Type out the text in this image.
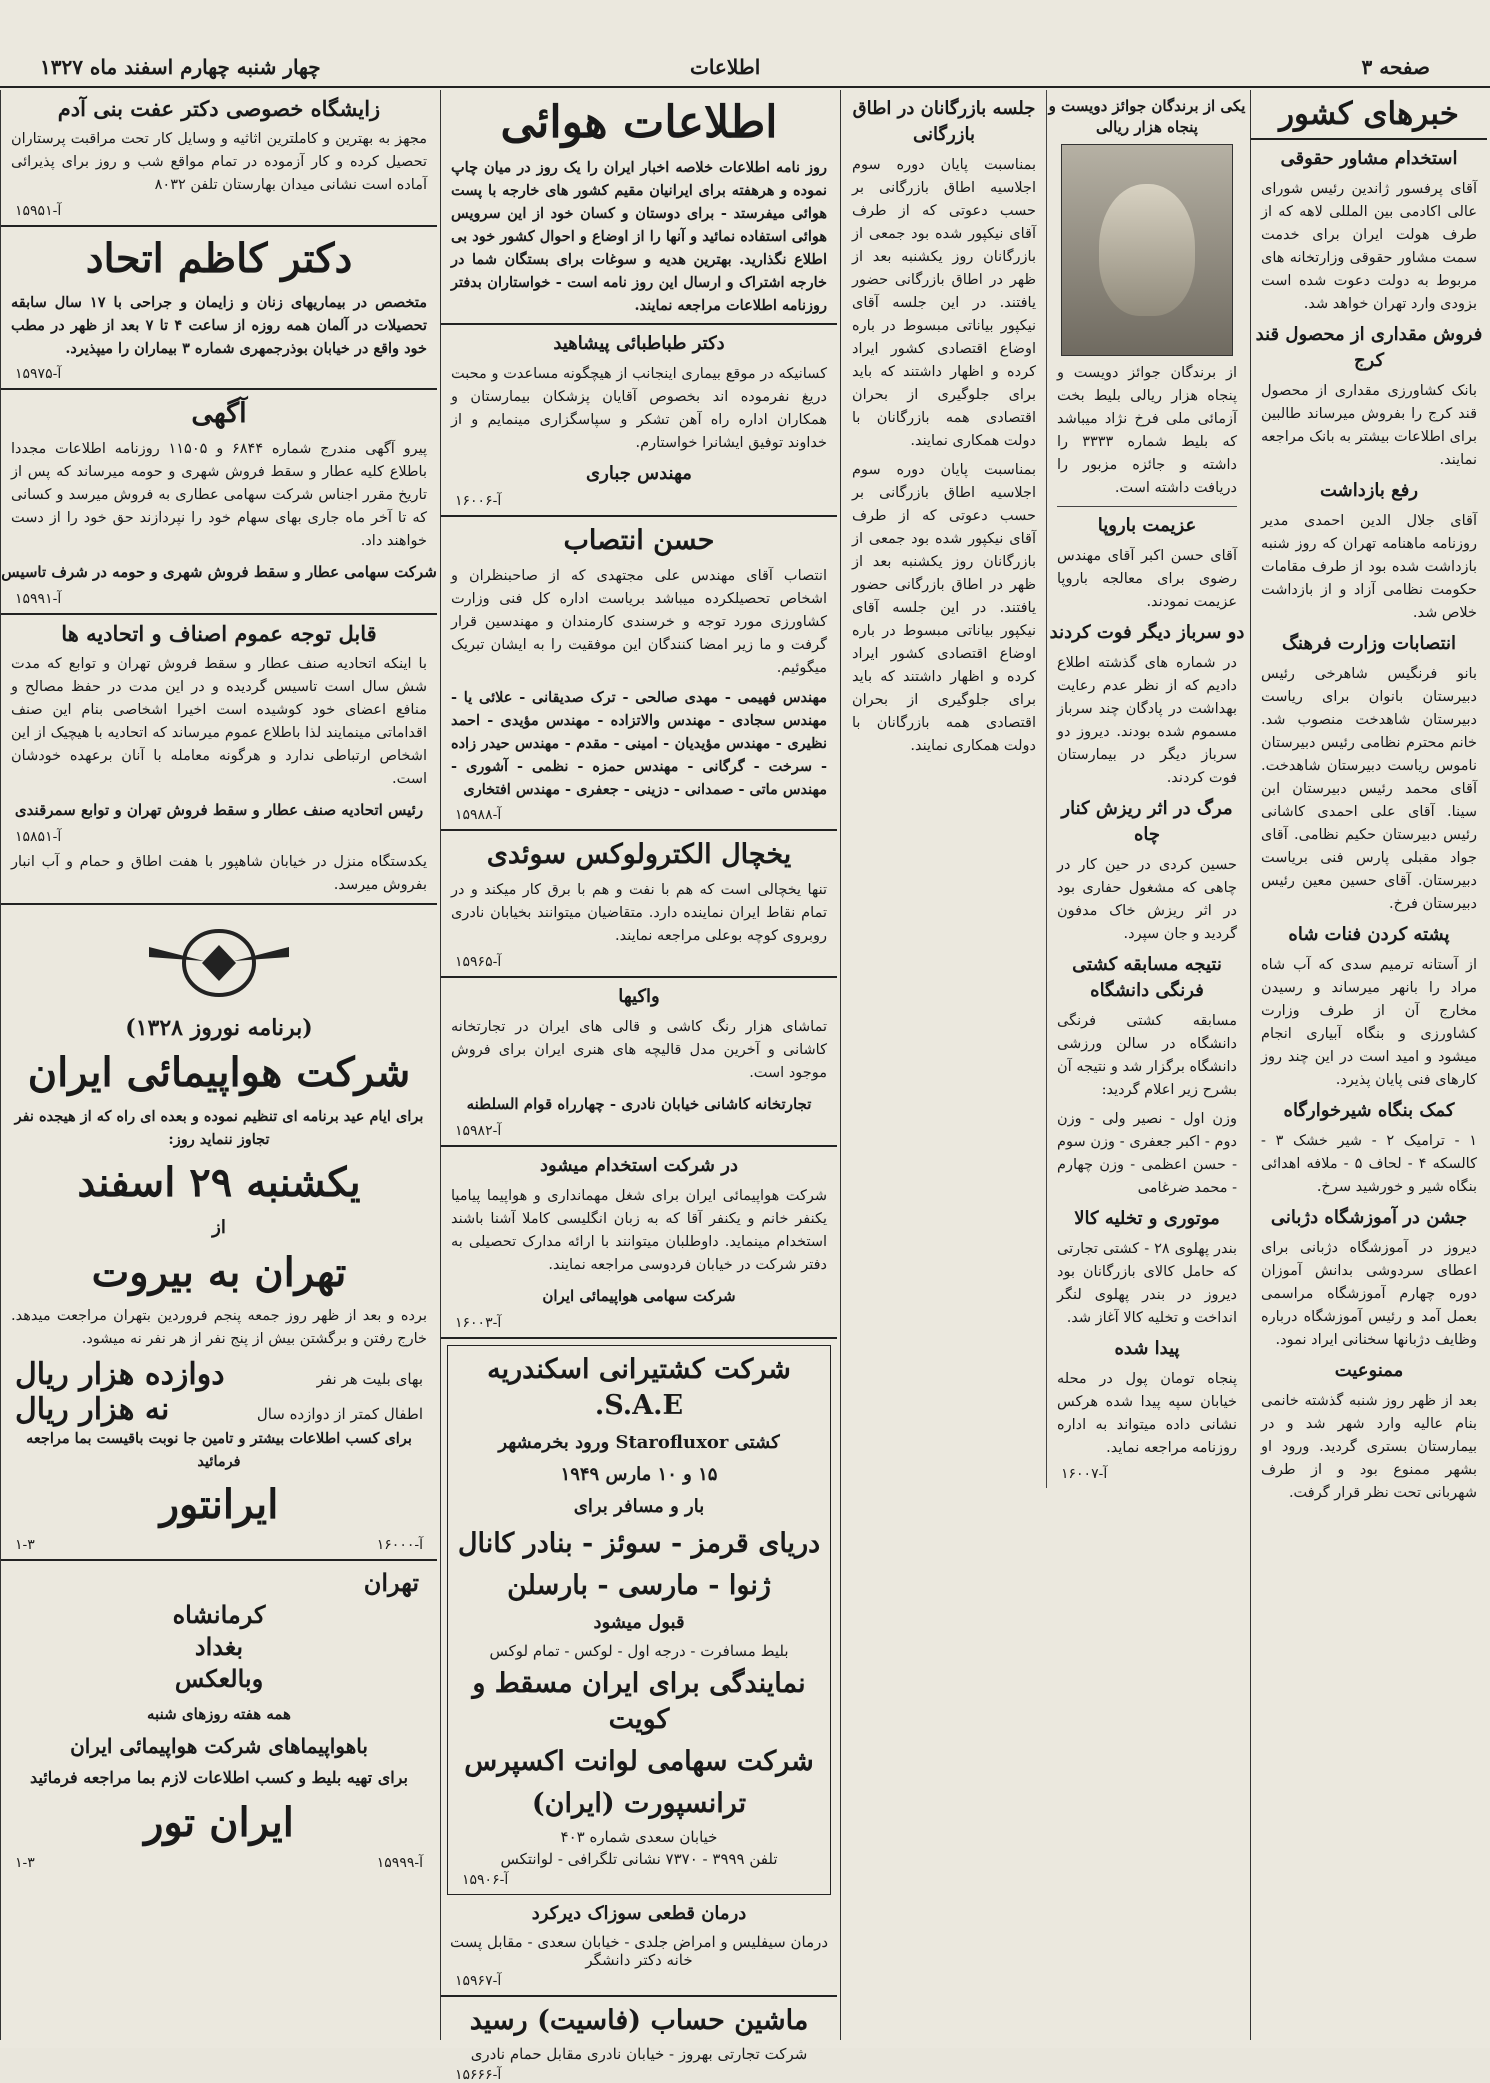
چهار شنبه چهارم اسفند ماه ۱۳۲۷	اطلاعات	صفحه ۳
خبرهای کشور
استخدام مشاور حقوقی

آقای پرفسور ژاندین رئیس شورای عالی اکادمی بین المللی لاهه که از طرف هولت ایران برای خدمت سمت مشاور حقوقی وزارتخانه های مربوط به دولت دعوت شده است بزودی وارد تهران خواهد شد.

فروش مقداری از محصول قند کرج

بانک کشاورزی مقداری از محصول قند کرج را بفروش میرساند طالبین برای اطلاعات بیشتر به بانک مراجعه نمایند.

رفع بازداشت

آقای جلال الدین احمدی مدیر روزنامه ماهنامه تهران که روز شنبه بازداشت شده بود از طرف مقامات حکومت نظامی آزاد و از بازداشت خلاص شد.

انتصابات وزارت فرهنگ

بانو فرنگیس شاهرخی رئیس دبیرستان بانوان برای ریاست دبیرستان شاهدخت منصوب شد. خانم محترم نظامی رئیس دبیرستان ناموس ریاست دبیرستان شاهدخت. آقای محمد رئیس دبیرستان ابن سینا. آقای علی احمدی کاشانی رئیس دبیرستان حکیم نظامی. آقای جواد مقبلی پارس فنی بریاست دبیرستان. آقای حسین معین رئیس دبیرستان فرخ.

پشته کردن فنات شاه

از آستانه ترمیم سدی که آب شاه مراد را بانهر میرساند و رسیدن مخارج آن از طرف وزارت کشاورزی و بنگاه آبیاری انجام میشود و امید است در این چند روز کارهای فنی پایان پذیرد.

کمک بنگاه شیرخوارگاه

۱ - ترامیک ۲ - شیر خشک ۳ - کالسکه ۴ - لحاف ۵ - ملافه اهدائی بنگاه شیر و خورشید سرخ.

جشن در آموزشگاه دژبانی

دیروز در آموزشگاه دژبانی برای اعطای سردوشی بدانش آموزان دوره چهارم آموزشگاه مراسمی بعمل آمد و رئیس آموزشگاه درباره وظایف دژبانها سخنانی ایراد نمود.

ممنوعیت

بعد از ظهر روز شنبه گذشته خانمی بنام عالیه وارد شهر شد و در بیمارستان بستری گردید. ورود او بشهر ممنوع بود و از طرف شهربانی تحت نظر قرار گرفت.

یکی از برندگان جوائز دویست و پنجاه هزار ریالی

از برندگان جوائز دویست و پنجاه هزار ریالی بلیط بخت آزمائی ملی فرخ نژاد میباشد که بلیط شماره ۳۳۳۳ را داشته و جائزه مزبور را دریافت داشته است.

عزیمت باروپا

آقای حسن اکبر آقای مهندس رضوی برای معالجه باروپا عزیمت نمودند.

دو سرباز دیگر فوت کردند

در شماره های گذشته اطلاع دادیم که از نظر عدم رعایت بهداشت در پادگان چند سرباز مسموم شده بودند. دیروز دو سرباز دیگر در بیمارستان فوت کردند.

مرگ در اثر ریزش کنار چاه

حسین کردی در حین کار در چاهی که مشغول حفاری بود در اثر ریزش خاک مدفون گردید و جان سپرد.

نتیجه مسابقه کشتی فرنگی دانشگاه

مسابقه کشتی فرنگی دانشگاه در سالن ورزشی دانشگاه برگزار شد و نتیجه آن بشرح زیر اعلام گردید:

وزن اول - نصیر ولی - وزن دوم - اکبر جعفری - وزن سوم - حسن اعظمی - وزن چهارم - محمد ضرغامی

موتوری و تخلیه کالا

بندر پهلوی ۲۸ - کشتی تجارتی که حامل کالای بازرگانان بود دیروز در بندر پهلوی لنگر انداخت و تخلیه کالا آغاز شد.

پیدا شده

پنجاه تومان پول در محله خیابان سپه پیدا شده هرکس نشانی داده میتواند به اداره روزنامه مراجعه نماید.

آ-۱۶۰۰۷
جلسه بازرگانان در اطاق بازرگانی

بمناسبت پایان دوره سوم اجلاسیه اطاق بازرگانی بر حسب دعوتی که از طرف آقای نیکپور شده بود جمعی از بازرگانان روز یکشنبه بعد از ظهر در اطاق بازرگانی حضور یافتند. در این جلسه آقای نیکپور بیاناتی مبسوط در باره اوضاع اقتصادی کشور ایراد کرده و اظهار داشتند که باید برای جلوگیری از بحران اقتصادی همه بازرگانان با دولت همکاری نمایند.

بمناسبت پایان دوره سوم اجلاسیه اطاق بازرگانی بر حسب دعوتی که از طرف آقای نیکپور شده بود جمعی از بازرگانان روز یکشنبه بعد از ظهر در اطاق بازرگانی حضور یافتند. در این جلسه آقای نیکپور بیاناتی مبسوط در باره اوضاع اقتصادی کشور ایراد کرده و اظهار داشتند که باید برای جلوگیری از بحران اقتصادی همه بازرگانان با دولت همکاری نمایند.

اطلاعات هوائی

روز نامه اطلاعات خلاصه اخبار ایران را یک روز در میان چاپ نموده و هرهفته برای ایرانیان مقیم کشور های خارجه با پست هوائی میفرستد - برای دوستان و کسان خود از این سرویس هوائی استفاده نمائید و آنها را از اوضاع و احوال کشور خود بی اطلاع نگذارید. بهترین هدیه و سوغات برای بستگان شما در خارجه اشتراک و ارسال این روز نامه است - خواستاران بدفتر روزنامه اطلاعات مراجعه نمایند.

دکتر طباطبائی پیشاهید

کسانیکه در موقع بیماری اینجانب از هیچگونه مساعدت و محبت دریغ نفرموده اند بخصوص آقایان پزشکان بیمارستان و همکاران اداره راه آهن تشکر و سپاسگزاری مینمایم و از خداوند توفیق ایشانرا خواستارم.

مهندس جباری
آ-۱۶۰۰۶
حسن انتصاب

انتصاب آقای مهندس علی مجتهدی که از صاحبنظران و اشخاص تحصیلکرده میباشد بریاست اداره کل فنی وزارت کشاورزی مورد توجه و خرسندی کارمندان و مهندسین قرار گرفت و ما زیر امضا کنندگان این موفقیت را به ایشان تبریک میگوئیم.

مهندس فهیمی - مهدی صالحی - ترک صدیقانی - علائی یا - مهندس سجادی - مهندس والاتزاده - مهندس مؤیدی - احمد نظیری - مهندس مؤیدیان - امینی - مقدم - مهندس حیدر زاده - سرخت - گرگانی - مهندس حمزه - نظمی - آشوری - مهندس ماتی - صمدانی - دزینی - جعفری - مهندس افتخاری

آ-۱۵۹۸۸
یخچال الکترولوکس سوئدی

تنها یخچالی است که هم با نفت و هم با برق کار میکند و در تمام نقاط ایران نماینده دارد. متقاضیان میتوانند بخیابان نادری روبروی کوچه بوعلی مراجعه نمایند.

آ-۱۵۹۶۵
واکیها

تماشای هزار رنگ کاشی و قالی های ایران در تجارتخانه کاشانی و آخرین مدل قالیچه های هنری ایران برای فروش موجود است.

تجارتخانه کاشانی خیابان نادری - چهارراه قوام السلطنه
آ-۱۵۹۸۲
در شرکت استخدام میشود

شرکت هواپیمائی ایران برای شغل مهمانداری و هواپیما پیامیا یکنفر خانم و یکنفر آقا که به زبان انگلیسی کاملا آشنا باشند استخدام مینماید. داوطلبان میتوانند با ارائه مدارک تحصیلی به دفتر شرکت در خیابان فردوسی مراجعه نمایند.

شرکت سهامی هواپیمائی ایران
آ-۱۶۰۰۳
شرکت کشتیرانی اسکندریه S.A.E.
کشتی Starofluxor ورود بخرمشهر
۱۵ و ۱۰ مارس ۱۹۴۹
بار و مسافر برای
دریای قرمز - سوئز - بنادر کانال
ژنوا - مارسی - بارسلن
قبول میشود
بلیط مسافرت - درجه اول - لوکس - تمام لوکس
نمایندگی برای ایران مسقط و کویت
شرکت سهامی لوانت اکسپرس
ترانسپورت (ایران)
خیابان سعدی شماره ۴۰۳
تلفن ۳۹۹۹ - ۷۳۷۰ نشانی تلگرافی - لوانتکس
آ-۱۵۹۰۶
درمان قطعی سوزاک دیرکرد
درمان سیفلیس و امراض جلدی - خیابان سعدی - مقابل پست خانه دکتر دانشگر
آ-۱۵۹۶۷
ماشین حساب (فاسیت) رسید
شرکت تجارتی بهروز - خیابان نادری مقابل حمام نادری
آ-۱۵۶۶۶
زایشگاه خصوصی دکتر عفت بنی آدم

مجهز به بهترین و کاملترین اثاثیه و وسایل کار تحت مراقبت پرستاران تحصیل کرده و کار آزموده در تمام مواقع شب و روز برای پذیرائی آماده است نشانی میدان بهارستان تلفن ۸۰۳۲

آ-۱۵۹۵۱
دکتر کاظم اتحاد

متخصص در بیماریهای زنان و زایمان و جراحی با ۱۷ سال سابقه تحصیلات در آلمان همه روزه از ساعت ۴ تا ۷ بعد از ظهر در مطب خود واقع در خیابان بوذرجمهری شماره ۳ بیماران را میپذیرد.

آ-۱۵۹۷۵
آگهی

پیرو آگهی مندرج شماره ۶۸۴۴ و ۱۱۵۰۵ روزنامه اطلاعات مجددا باطلاع کلیه عطار و سقط فروش شهری و حومه میرساند که پس از تاریخ مقرر اجناس شرکت سهامی عطاری به فروش میرسد و کسانی که تا آخر ماه جاری بهای سهام خود را نپردازند حق خود را از دست خواهند داد.

شرکت سهامی عطار و سقط فروش شهری و حومه در شرف تاسیس
آ-۱۵۹۹۱
قابل توجه عموم اصناف و اتحادیه ها

با اینکه اتحادیه صنف عطار و سقط فروش تهران و توابع که مدت شش سال است تاسیس گردیده و در این مدت در حفظ مصالح و منافع اعضای خود کوشیده است اخیرا اشخاصی بنام این صنف اقداماتی مینمایند لذا باطلاع عموم میرساند که اتحادیه با هیچیک از این اشخاص ارتباطی ندارد و هرگونه معامله با آنان برعهده خودشان است.

رئیس اتحادیه صنف عطار و سقط فروش تهران و توابع سمرقندی
آ-۱۵۸۵۱

یکدستگاه منزل در خیابان شاهپور با هفت اطاق و حمام و آب انبار بفروش میرسد.

(برنامه نوروز ۱۳۲۸)
شرکت هواپیمائی ایران

برای ایام عید برنامه ای تنظیم نموده و بعده ای راه که از هیجده نفر تجاوز ننماید روز:

یکشنبه ۲۹ اسفند
از
تهران به بیروت

برده و بعد از ظهر روز جمعه پنجم فروردین بتهران مراجعت میدهد. خارج رفتن و برگشتن بیش از پنج نفر از هر نفر نه میشود.

بهای بلیت هر نفر
دوازده هزار ریال
اطفال کمتر از دوازده سال
نه هزار ریال

برای کسب اطلاعات بیشتر و تامین جا نوبت باقیست بما مراجعه فرمائید

ایرانتور
۱-۳	آ-۱۶۰۰۰
تهران
کرمانشاه
بغداد
وبالعکس
همه هفته روزهای شنبه
باهواپیماهای شرکت هواپیمائی ایران
برای تهیه بلیط و کسب اطلاعات لازم بما مراجعه فرمائید
ایران تور
۱-۳	آ-۱۵۹۹۹
